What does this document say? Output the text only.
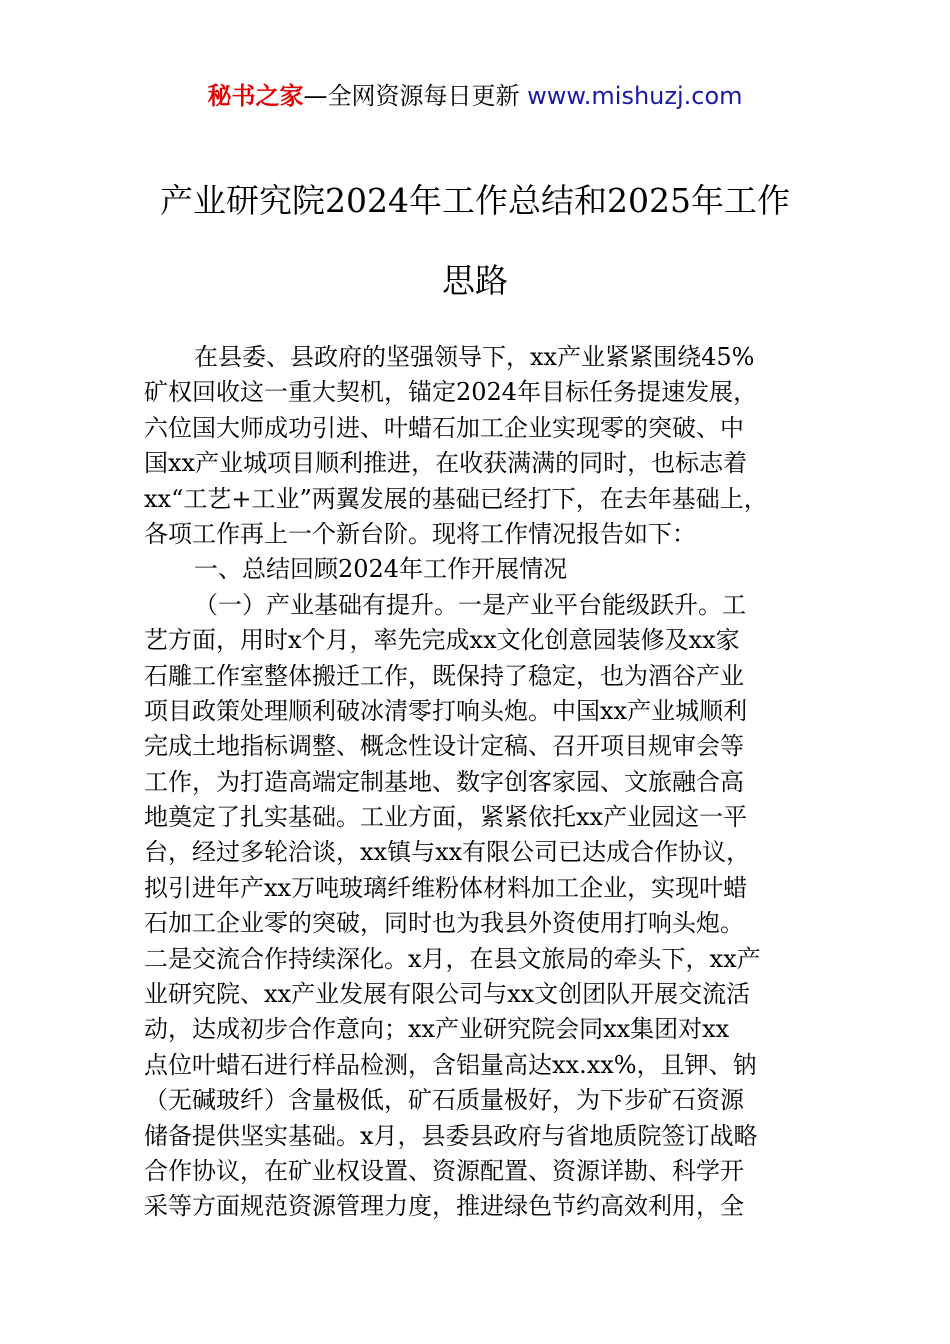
秘书之家—全网资源每日更新 www.mishuzj.com
产业研究院2024年工作总结和2025年工作
思路
在县委、县政府的坚强领导下，xx产业紧紧围绕45%
矿权回收这一重大契机，锚定2024年目标任务提速发展，
六位国大师成功引进、叶蜡石加工企业实现零的突破、中
国xx产业城项目顺利推进，在收获满满的同时，也标志着
xx“工艺+工业”两翼发展的基础已经打下，在去年基础上，
各项工作再上一个新台阶。现将工作情况报告如下：
一、总结回顾2024年工作开展情况
（一）产业基础有提升。一是产业平台能级跃升。工
艺方面，用时x个月，率先完成xx文化创意园装修及xx家
石雕工作室整体搬迁工作，既保持了稳定，也为酒谷产业
项目政策处理顺利破冰清零打响头炮。中国xx产业城顺利
完成土地指标调整、概念性设计定稿、召开项目规审会等
工作，为打造高端定制基地、数字创客家园、文旅融合高
地奠定了扎实基础。工业方面，紧紧依托xx产业园这一平
台，经过多轮洽谈，xx镇与xx有限公司已达成合作协议，
拟引进年产xx万吨玻璃纤维粉体材料加工企业，实现叶蜡
石加工企业零的突破，同时也为我县外资使用打响头炮。
二是交流合作持续深化。x月，在县文旅局的牵头下，xx产
业研究院、xx产业发展有限公司与xx文创团队开展交流活
动，达成初步合作意向；xx产业研究院会同xx集团对xx
点位叶蜡石进行样品检测，含铝量高达xx.xx%，且钾、钠
（无碱玻纤）含量极低，矿石质量极好，为下步矿石资源
储备提供坚实基础。x月，县委县政府与省地质院签订战略
合作协议，在矿业权设置、资源配置、资源详勘、科学开
采等方面规范资源管理力度，推进绿色节约高效利用，全
